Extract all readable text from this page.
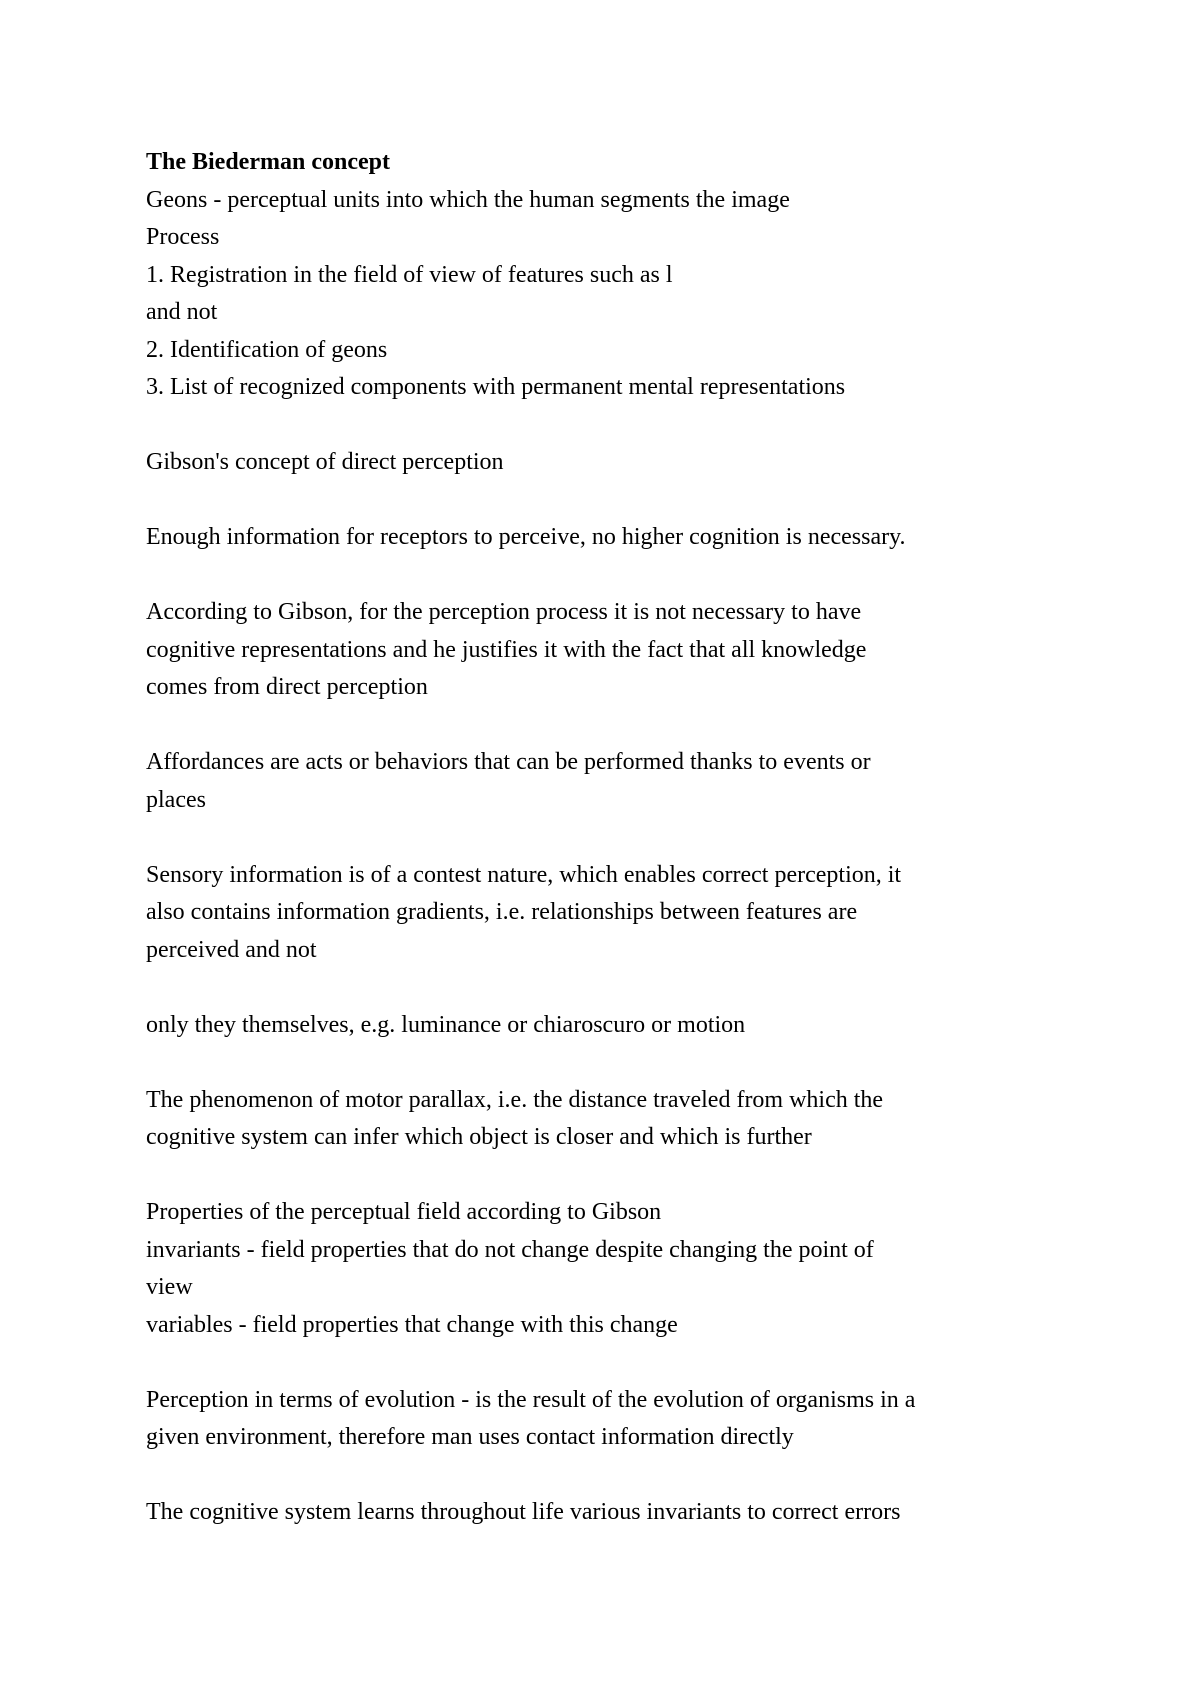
The Biederman concept
Geons - perceptual units into which the human segments the image
Process
1. Registration in the field of view of features such as l
and not
2. Identification of geons
3. List of recognized components with permanent mental representations
Gibson's concept of direct perception
Enough information for receptors to perceive, no higher cognition is necessary.
According to Gibson, for the perception process it is not necessary to have
cognitive representations and he justifies it with the fact that all knowledge
comes from direct perception
Affordances are acts or behaviors that can be performed thanks to events or
places
Sensory information is of a contest nature, which enables correct perception, it
also contains information gradients, i.e. relationships between features are
perceived and not
only they themselves, e.g. luminance or chiaroscuro or motion
The phenomenon of motor parallax, i.e. the distance traveled from which the
cognitive system can infer which object is closer and which is further
Properties of the perceptual field according to Gibson
invariants - field properties that do not change despite changing the point of
view
variables - field properties that change with this change
Perception in terms of evolution - is the result of the evolution of organisms in a
given environment, therefore man uses contact information directly
The cognitive system learns throughout life various invariants to correct errors
